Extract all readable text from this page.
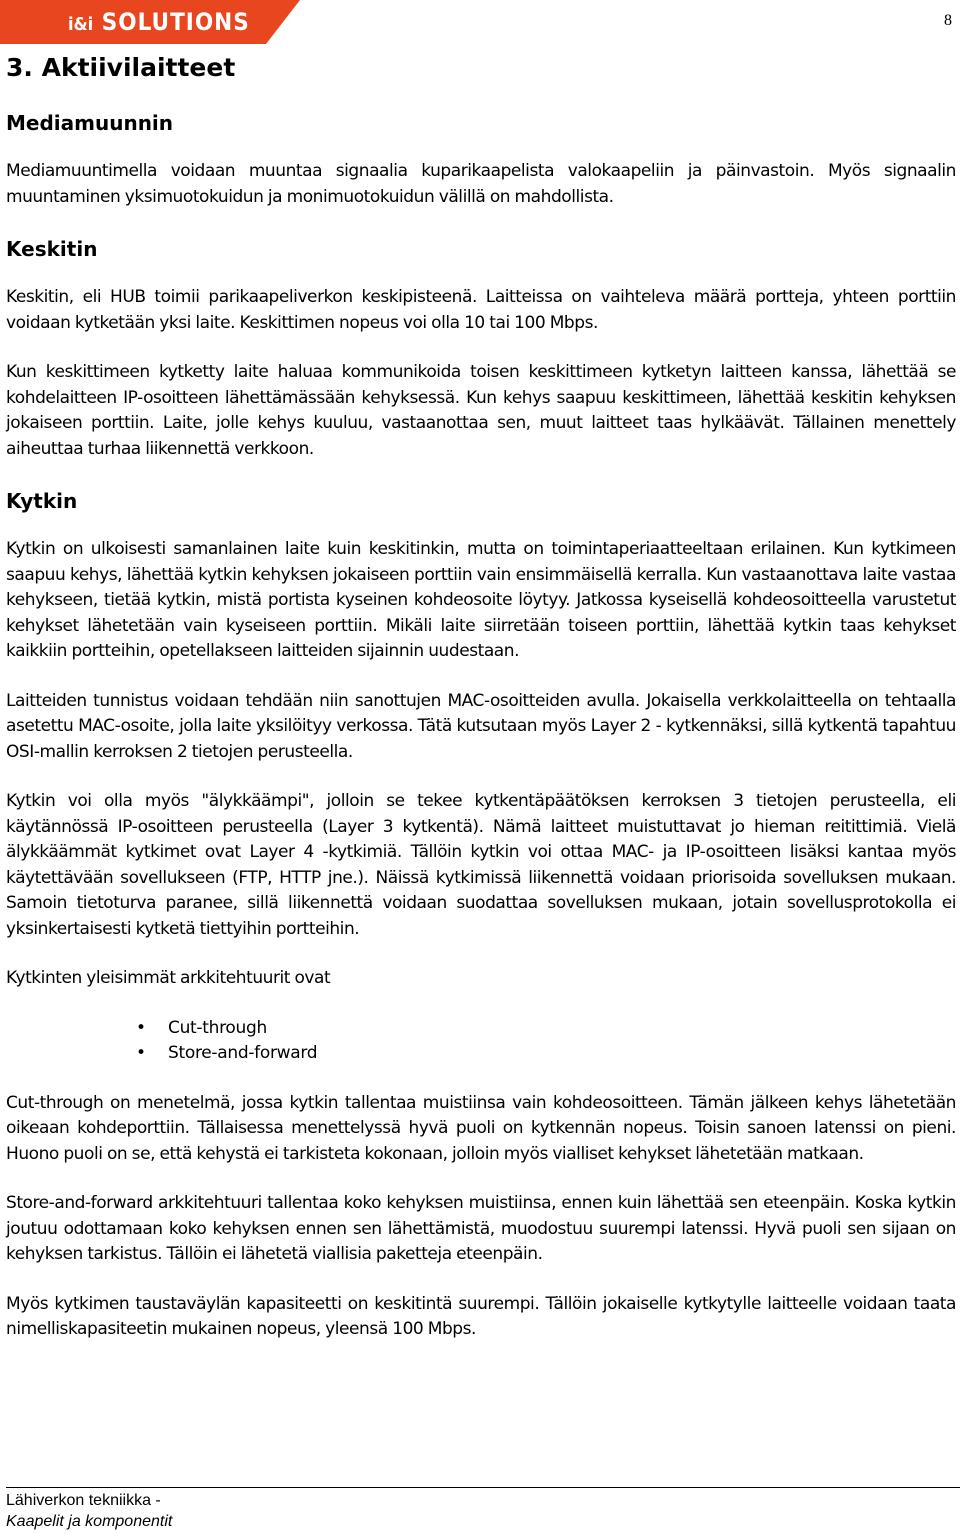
i&i SOLUTIONS	8
3. Aktiivilaitteet
Mediamuunnin

Mediamuuntimella voidaan muuntaa signaalia kuparikaapelista valokaapeliin ja päinvastoin. Myös signaalin muuntaminen yksimuotokuidun ja monimuotokuidun välillä on mahdollista.

Keskitin

Keskitin, eli HUB toimii parikaapeliverkon keskipisteenä. Laitteissa on vaihteleva määrä portteja, yhteen porttiin voidaan kytketään yksi laite. Keskittimen nopeus voi olla 10 tai 100 Mbps.

Kun keskittimeen kytketty laite haluaa kommunikoida toisen keskittimeen kytketyn laitteen kanssa, lähettää se kohdelaitteen IP-osoitteen lähettämässään kehyksessä. Kun kehys saapuu keskittimeen, lähettää keskitin kehyksen jokaiseen porttiin. Laite, jolle kehys kuuluu, vastaanottaa sen, muut laitteet taas hylkäävät. Tällainen menettely aiheuttaa turhaa liikennettä verkkoon.

Kytkin

Kytkin on ulkoisesti samanlainen laite kuin keskitinkin, mutta on toimintaperiaatteeltaan erilainen. Kun kytkimeen saapuu kehys, lähettää kytkin kehyksen jokaiseen porttiin vain ensimmäisellä kerralla. Kun vastaanottava laite vastaa kehykseen, tietää kytkin, mistä portista kyseinen kohdeosoite löytyy. Jatkossa kyseisellä kohdeosoitteella varustetut kehykset lähetetään vain kyseiseen porttiin. Mikäli laite siirretään toiseen porttiin, lähettää kytkin taas kehykset kaikkiin portteihin, opetellakseen laitteiden sijainnin uudestaan.

Laitteiden tunnistus voidaan tehdään niin sanottujen MAC-osoitteiden avulla. Jokaisella verkkolaitteella on tehtaalla asetettu MAC-osoite, jolla laite yksilöityy verkossa. Tätä kutsutaan myös Layer 2 - kytkennäksi, sillä kytkentä tapahtuu OSI-mallin kerroksen 2 tietojen perusteella.

Kytkin voi olla myös "älykkäämpi", jolloin se tekee kytkentäpäätöksen kerroksen 3 tietojen perusteella, eli käytännössä IP-osoitteen perusteella (Layer 3 kytkentä). Nämä laitteet muistuttavat jo hieman reitittimiä. Vielä älykkäämmät kytkimet ovat Layer 4 -kytkimiä. Tällöin kytkin voi ottaa MAC- ja IP-osoitteen lisäksi kantaa myös käytettävään sovellukseen (FTP, HTTP jne.). Näissä kytkimissä liikennettä voidaan priorisoida sovelluksen mukaan. Samoin tietoturva paranee, sillä liikennettä voidaan suodattaa sovelluksen mukaan, jotain sovellusprotokolla ei yksinkertaisesti kytketä tiettyihin portteihin.

Kytkinten yleisimmät arkkitehtuurit ovat

• Cut-through
• Store-and-forward

Cut-through on menetelmä, jossa kytkin tallentaa muistiinsa vain kohdeosoitteen. Tämän jälkeen kehys lähetetään oikeaan kohdeporttiin. Tällaisessa menettelyssä hyvä puoli on kytkennän nopeus. Toisin sanoen latenssi on pieni. Huono puoli on se, että kehystä ei tarkisteta kokonaan, jolloin myös vialliset kehykset lähetetään matkaan.

Store-and-forward arkkitehtuuri tallentaa koko kehyksen muistiinsa, ennen kuin lähettää sen eteenpäin. Koska kytkin joutuu odottamaan koko kehyksen ennen sen lähettämistä, muodostuu suurempi latenssi. Hyvä puoli sen sijaan on kehyksen tarkistus. Tällöin ei lähetetä viallisia paketteja eteenpäin.

Myös kytkimen taustaväylän kapasiteetti on keskitintä suurempi. Tällöin jokaiselle kytkytylle laitteelle voidaan taata nimelliskapasiteetin mukainen nopeus, yleensä 100 Mbps.

Lähiverkon tekniikka -
Kaapelit ja komponentit
